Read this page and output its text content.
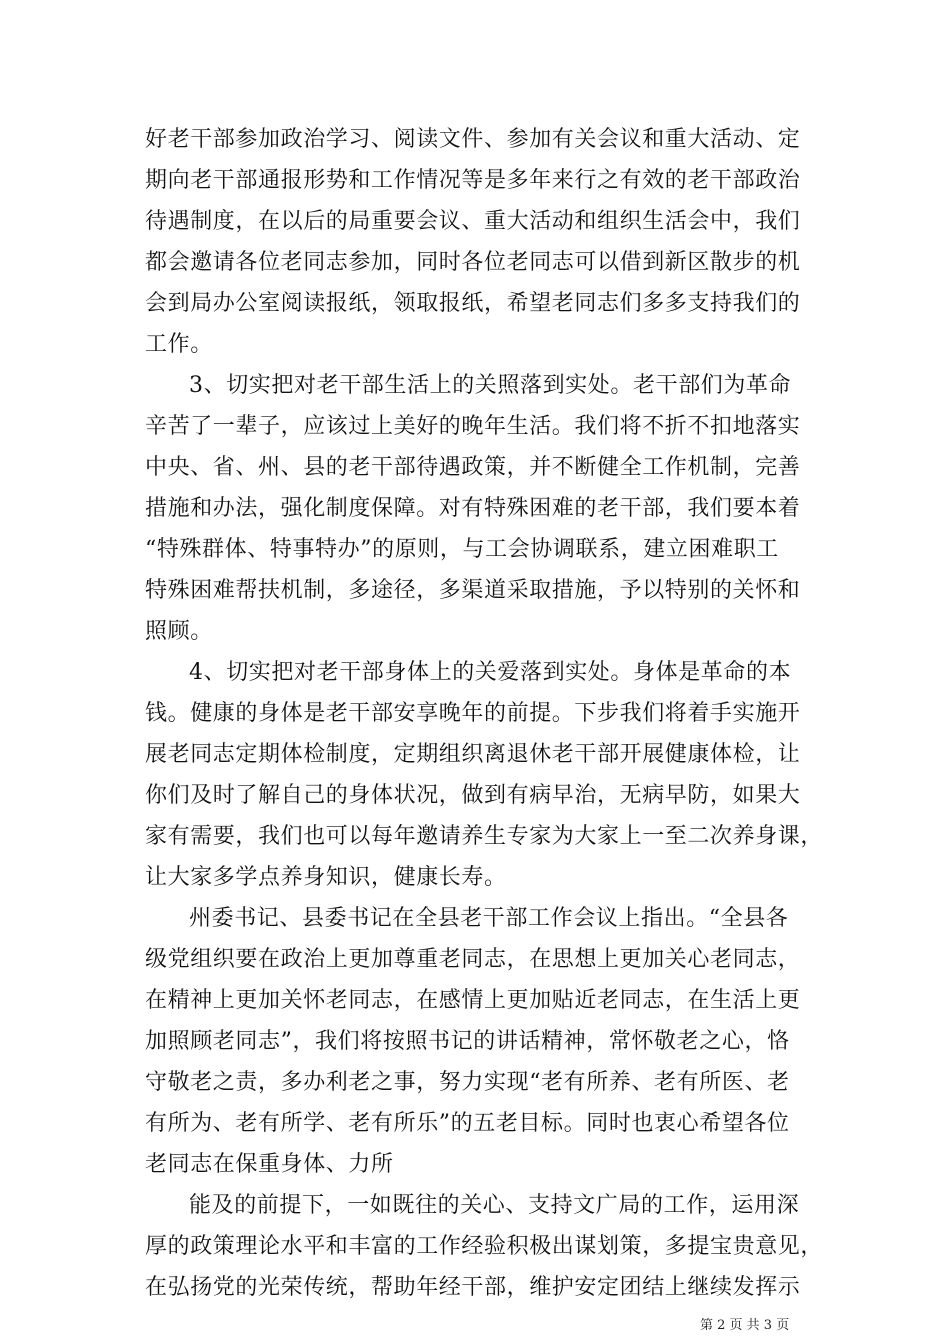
好老干部参加政治学习、阅读文件、参加有关会议和重大活动、定
期向老干部通报形势和工作情况等是多年来行之有效的老干部政治
待遇制度，在以后的局重要会议、重大活动和组织生活会中，我们
都会邀请各位老同志参加，同时各位老同志可以借到新区散步的机
会到局办公室阅读报纸，领取报纸，希望老同志们多多支持我们的
工作。
3、切实把对老干部生活上的关照落到实处。老干部们为革命
辛苦了一辈子，应该过上美好的晚年生活。我们将不折不扣地落实
中央、省、州、县的老干部待遇政策，并不断健全工作机制，完善
措施和办法，强化制度保障。对有特殊困难的老干部，我们要本着
“特殊群体、特事特办”的原则，与工会协调联系，建立困难职工
特殊困难帮扶机制，多途径，多渠道采取措施，予以特别的关怀和
照顾。
4、切实把对老干部身体上的关爱落到实处。身体是革命的本
钱。健康的身体是老干部安享晚年的前提。下步我们将着手实施开
展老同志定期体检制度，定期组织离退休老干部开展健康体检，让
你们及时了解自己的身体状况，做到有病早治，无病早防，如果大
家有需要，我们也可以每年邀请养生专家为大家上一至二次养身课，
让大家多学点养身知识，健康长寿。
州委书记、县委书记在全县老干部工作会议上指出。“全县各
级党组织要在政治上更加尊重老同志，在思想上更加关心老同志，
在精神上更加关怀老同志，在感情上更加贴近老同志，在生活上更
加照顾老同志”，我们将按照书记的讲话精神，常怀敬老之心，恪
守敬老之责，多办利老之事，努力实现“老有所养、老有所医、老
有所为、老有所学、老有所乐”的五老目标。同时也衷心希望各位
老同志在保重身体、力所
能及的前提下，一如既往的关心、支持文广局的工作，运用深
厚的政策理论水平和丰富的工作经验积极出谋划策，多提宝贵意见，
在弘扬党的光荣传统，帮助年经干部，维护安定团结上继续发挥示
第 2 页 共 3 页
